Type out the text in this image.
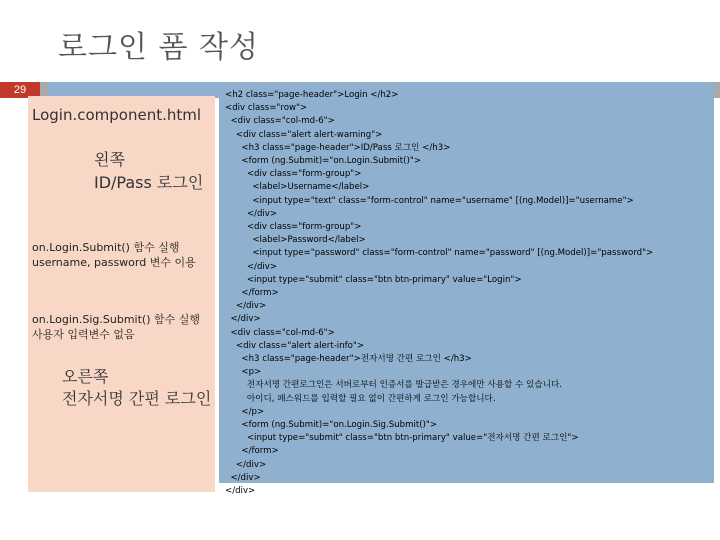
로그인 폼 작성
29
Login.component.html
왼쪽
ID/Pass 로그인
on.Login.Submit() 함수 실행
username, password 변수 이용
on.Login.Sig.Submit() 함수 실행
사용자 입력변수 없음
오른쪽
전자서명 간편 로그인
<h2 class="page-header">Login </h2>
<div class="row">
<div class="col-md-6">
<div class="alert alert-warning">
<h3 class="page-header">ID/Pass 로그인 </h3>
<form (ng.Submit)="on.Login.Submit()">
<div class="form-group">
<label>Username</label>
<input type="text" class="form-control" name="username" [(ng.Model)]="username">
</div>
<div class="form-group">
<label>Password</label>
<input type="password" class="form-control" name="password" [(ng.Model)]="password">
</div>
<input type="submit" class="btn btn-primary" value="Login">
</form>
</div>
</div>
<div class="col-md-6">
<div class="alert alert-info">
<h3 class="page-header">전자서명 간편 로그인 </h3>
<p>
전자서명 간편로그인은 서버로부터 인증서를 발급받은 경우에만 사용할 수 있습니다.
아이디, 패스워드를 입력할 필요 없이 간편하게 로그인 가능합니다.
</p>
<form (ng.Submit)="on.Login.Sig.Submit()">
<input type="submit" class="btn btn-primary" value="전자서명 간편 로그인">
</form>
</div>
</div>
</div>
